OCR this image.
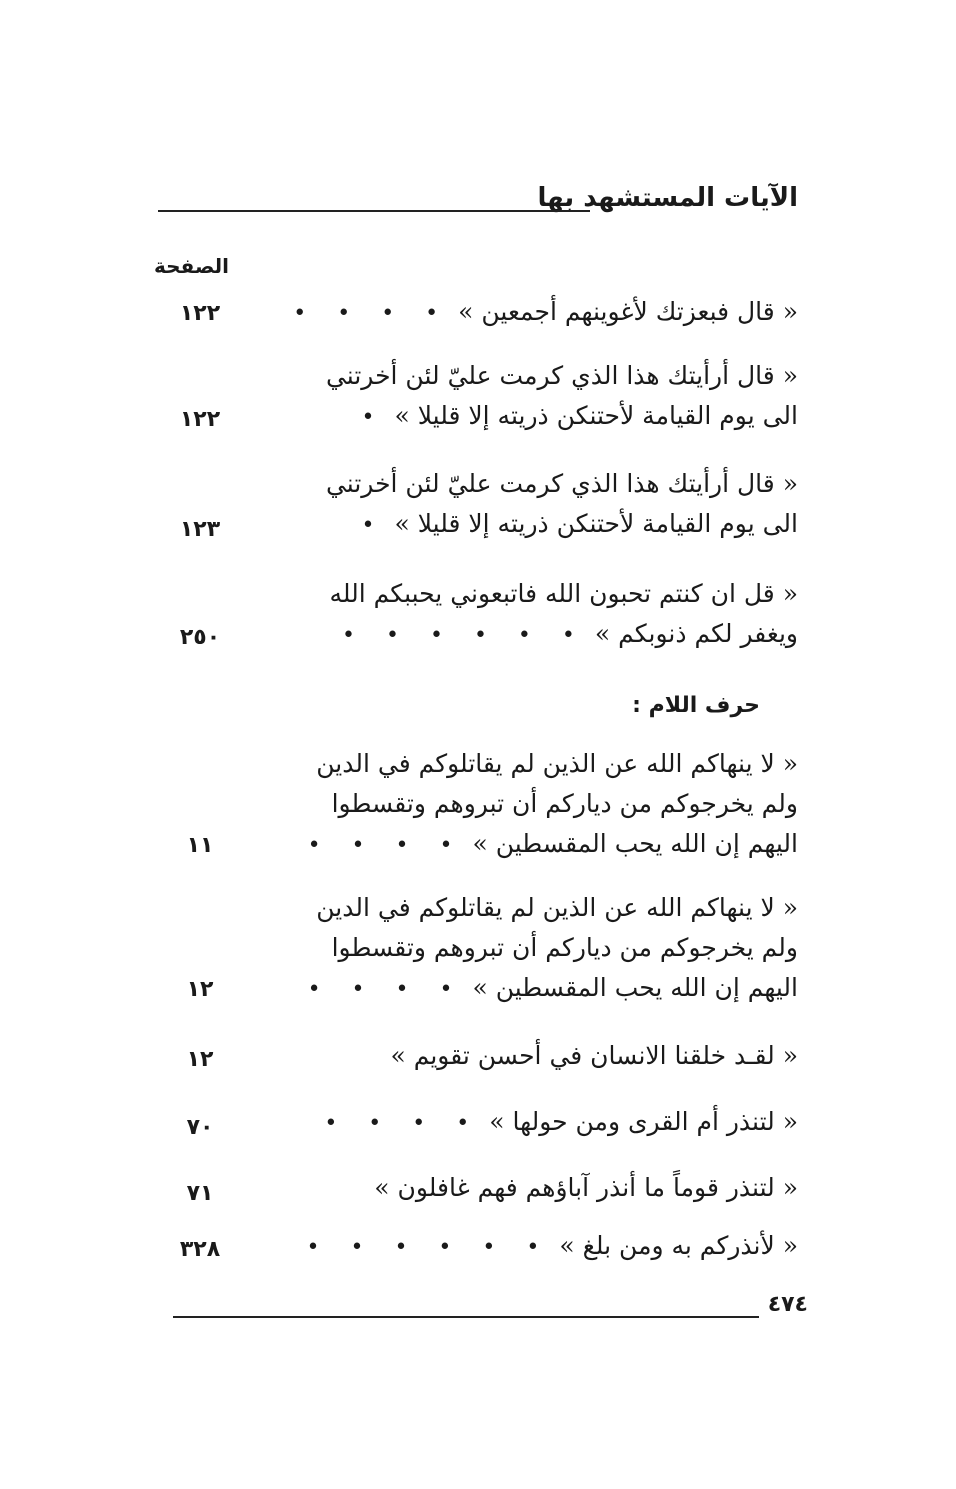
الآيات المستشهد بها
الصفحة
« قال فبعزتك لأغوينهم أجمعين »• • • •
١٢٢
« قال أرأيتك هذا الذي كرمت عليّ لئن أخرتني
الى يوم القيامة لأحتنكن ذريته إلا قليلا »•
١٢٢
« قال أرأيتك هذا الذي كرمت عليّ لئن أخرتني
الى يوم القيامة لأحتنكن ذريته إلا قليلا »•
١٢٣
« قل ان كنتم تحبون الله فاتبعوني يحببكم الله
ويغفر لكم ذنوبكم »• • • • • •
٢٥٠
حرف اللام :
« لا ينهاكم الله عن الذين لم يقاتلوكم في الدين
ولم يخرجوكم من دياركم أن تبروهم وتقسطوا
اليهم إن الله يحب المقسطين »• • • •
١١
« لا ينهاكم الله عن الذين لم يقاتلوكم في الدين
ولم يخرجوكم من دياركم أن تبروهم وتقسطوا
اليهم إن الله يحب المقسطين »• • • •
١٢
« لقـد خلقنا الانسان في أحسن تقويم »
١٢
« لتنذر أم القرى ومن حولها »• • • •
٧٠
« لتنذر قوماً ما أنذر آباؤهم فهم غافلون »
٧١
« لأنذركم به ومن بلغ »• • • • • •
٣٢٨
٤٧٤
